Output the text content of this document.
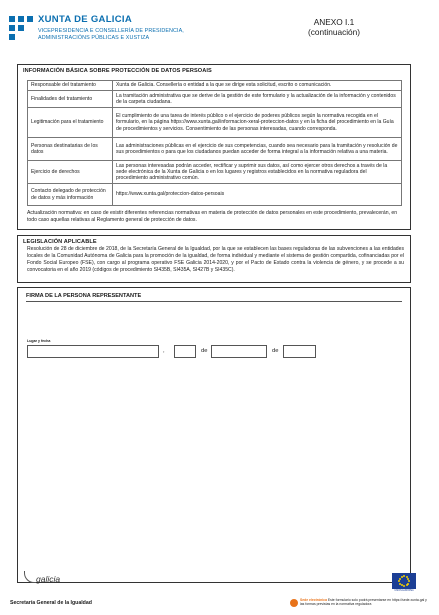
XUNTA DE GALICIA
VICEPRESIDENCIA E CONSELLERÍA DE PRESIDENCIA,
ADMINISTRACIÓNS PÚBLICAS E XUSTIZA
ANEXO I.1
(continuación)
INFORMACIÓN BÁSICA SOBRE PROTECCIÓN DE DATOS PERSOAIS
Responsable del tratamiento	Xunta de Galicia. Consellería o entidad a la que se dirige esta solicitud, escrito o comunicación.
Finalidades del tratamiento	La tramitación administrativa que se derive de la gestión de este formulario y la actualización de la información y contenidos de la carpeta ciudadana.
Legitimación para el tratamiento	El cumplimiento de una tarea de interés público o el ejercicio de poderes públicos según la normativa recogida en el formulario, en la página https://www.xunta.gal/informacion-xeral-proteccion-datos y en la ficha del procedimiento en la Guía de procedimientos y servicios. Consentimiento de las personas interesadas, cuando corresponda.
Personas destinatarias de los datos	Las administraciones públicas en el ejercicio de sus competencias, cuando sea necesario para la tramitación y resolución de sus procedimientos o para que los ciudadanos puedan acceder de forma integral a la información relativa a una materia.
Ejercicio de derechos	Las personas interesadas podrán acceder, rectificar y suprimir sus datos, así como ejercer otros derechos a través de la sede electrónica de la Xunta de Galicia o en los lugares y registros establecidos en la normativa reguladora del procedimiento administrativo común.
Contacto delegado de protección de datos y más información	https://www.xunta.gal/proteccion-datos-persoais
Actualización normativa: en caso de existir diferentes referencias normativas en materia de protección de datos personales en este procedimiento, prevalecerán, en todo caso aquellas relativas al Reglamento general de protección de datos.
LEGISLACIÓN APLICABLE
Resolución de 28 de diciembre de 2018, de la Secretaría General de la Igualdad, por la que se establecen las bases reguladoras de las subvenciones a las entidades locales de la Comunidad Autónoma de Galicia para la promoción de la igualdad, de forma individual y mediante el sistema de gestión compartida, cofinanciadas por el Fondo Social Europeo (FSE), con cargo al programa operativo FSE Galicia 2014-2020, y por el Pacto de Estado contra la violencia de género, y se procede a su convocatoria en el año 2019 (códigos de procedimiento SI435B, SI435A, SI427B y SI435C).
FIRMA DE LA PERSONA REPRESENTANTE
Lugar y fecha
,	de	de
galicia
UNIÓN EUROPEA
Secretaría General de la Igualdad	Sede electrónica Este formulario solo podrá presentarse en https://sede.xunta.gal y las formas previstas en la normativa reguladora
